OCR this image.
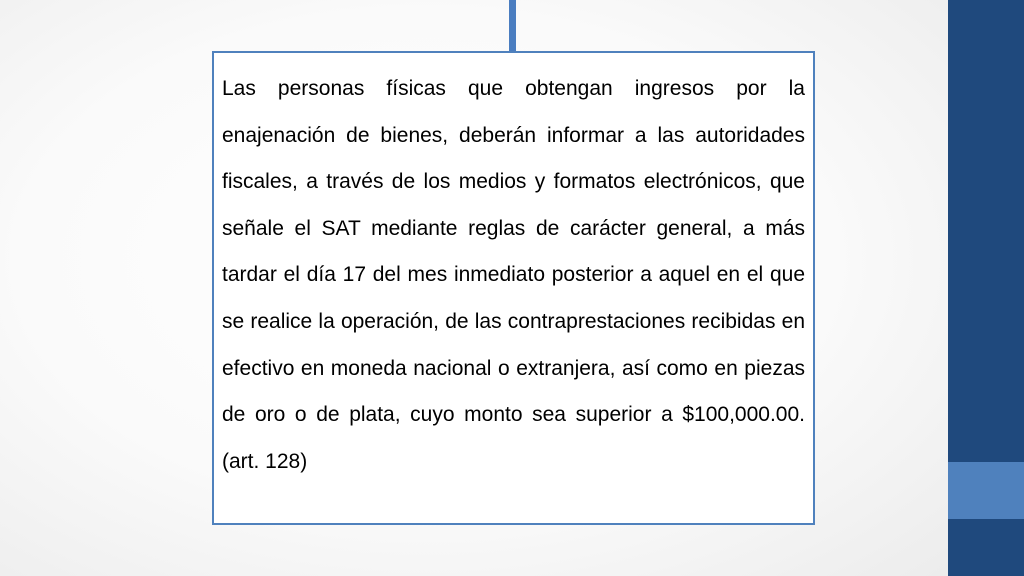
Las personas físicas que obtengan ingresos por la enajenación de bienes, deberán informar a las autoridades fiscales, a través de los medios y formatos electrónicos, que señale el SAT mediante reglas de carácter general, a más tardar el día 17 del mes inmediato posterior a aquel en el que se realice la operación, de las contraprestaciones recibidas en efectivo en moneda nacional o extranjera, así como en piezas de oro o de plata, cuyo monto sea superior a $100,000.00. (art. 128)
